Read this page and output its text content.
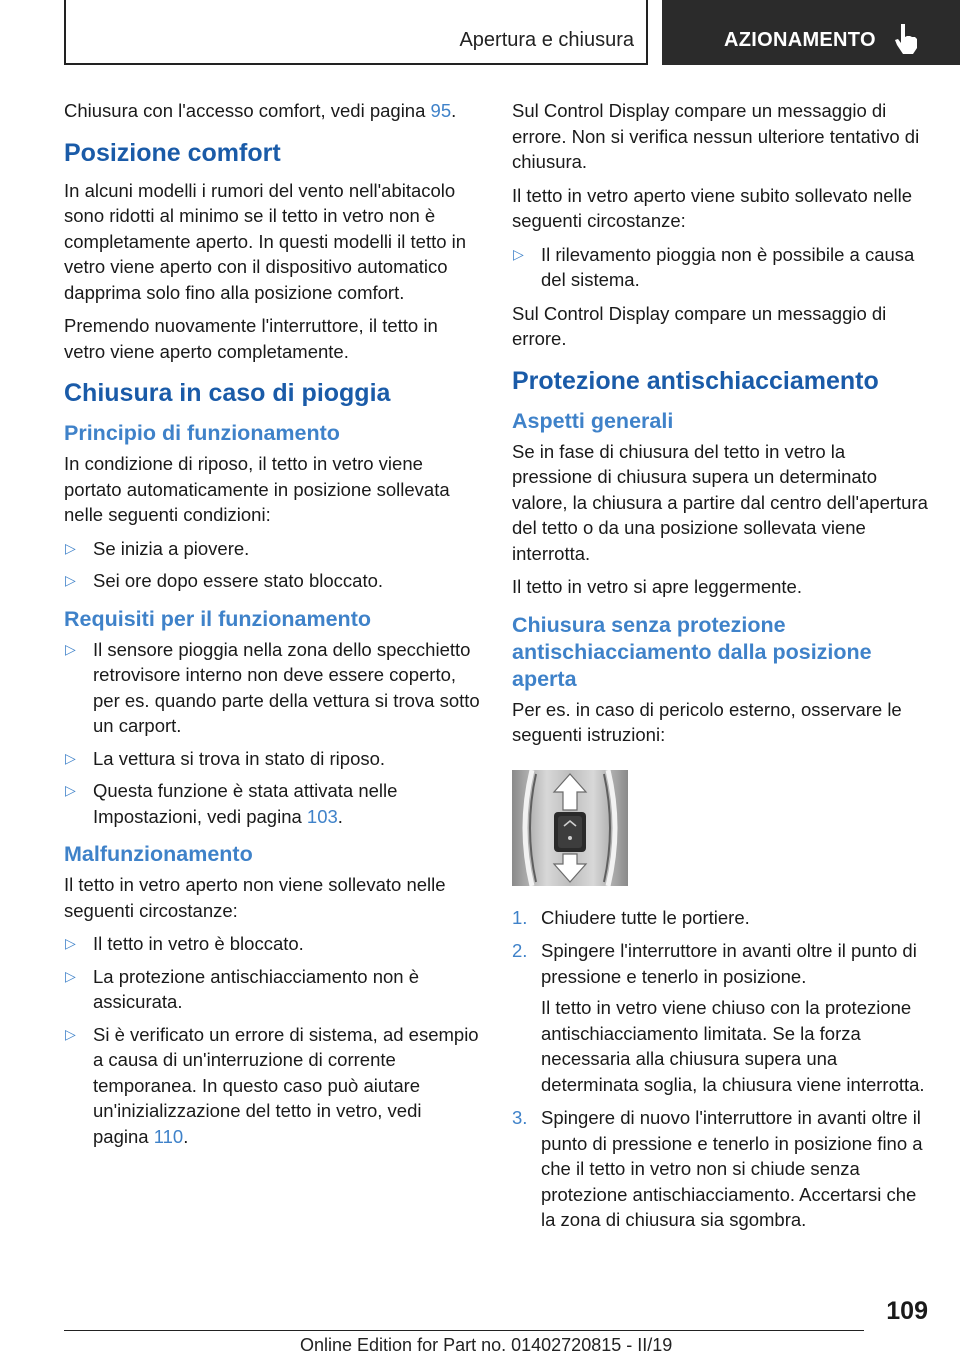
Apertura e chiusura	AZIONAMENTO

Chiusura con l'accesso comfort, vedi pagina 95.

Posizione comfort

In alcuni modelli i rumori del vento nell'abitacolo sono ridotti al minimo se il tetto in vetro non è completamente aperto. In questi modelli il tetto in vetro viene aperto con il dispositivo automatico dapprima solo fino alla posizione comfort.

Premendo nuovamente l'interruttore, il tetto in vetro viene aperto completamente.

Chiusura in caso di pioggia
Principio di funzionamento

In condizione di riposo, il tetto in vetro viene portato automaticamente in posizione sollevata nelle seguenti condizioni:

▷ Se inizia a piovere.
▷ Sei ore dopo essere stato bloccato.
Requisiti per il funzionamento
▷ Il sensore pioggia nella zona dello specchietto retrovisore interno non deve essere coperto, per es. quando parte della vettura si trova sotto un carport.
▷ La vettura si trova in stato di riposo.
▷ Questa funzione è stata attivata nelle Impostazioni, vedi pagina 103.
Malfunzionamento

Il tetto in vetro aperto non viene sollevato nelle seguenti circostanze:

▷ Il tetto in vetro è bloccato.
▷ La protezione antischiacciamento non è assicurata.
▷ Si è verificato un errore di sistema, ad esempio a causa di un'interruzione di corrente temporanea. In questo caso può aiutare un'inizializzazione del tetto in vetro, vedi pagina 110.

Sul Control Display compare un messaggio di errore. Non si verifica nessun ulteriore tentativo di chiusura.

Il tetto in vetro aperto viene subito sollevato nelle seguenti circostanze:

▷ Il rilevamento pioggia non è possibile a causa del sistema.

Sul Control Display compare un messaggio di errore.

Protezione antischiacciamento
Aspetti generali

Se in fase di chiusura del tetto in vetro la pressione di chiusura supera un determinato valore, la chiusura a partire dal centro dell'apertura del tetto o da una posizione sollevata viene interrotta.

Il tetto in vetro si apre leggermente.

Chiusura senza protezione antischiacciamento dalla posizione aperta

Per es. in caso di pericolo esterno, osservare le seguenti istruzioni:

1. Chiudere tutte le portiere.
2. Spingere l'interruttore in avanti oltre il punto di pressione e tenerlo in posizione.
Il tetto in vetro viene chiuso con la protezione antischiacciamento limitata. Se la forza necessaria alla chiusura supera una determinata soglia, la chiusura viene interrotta.
3. Spingere di nuovo l'interruttore in avanti oltre il punto di pressione e tenerlo in posizione fino a che il tetto in vetro non si chiude senza protezione antischiacciamento. Accertarsi che la zona di chiusura sia sgombra.
109
Online Edition for Part no. 01402720815 - II/19
